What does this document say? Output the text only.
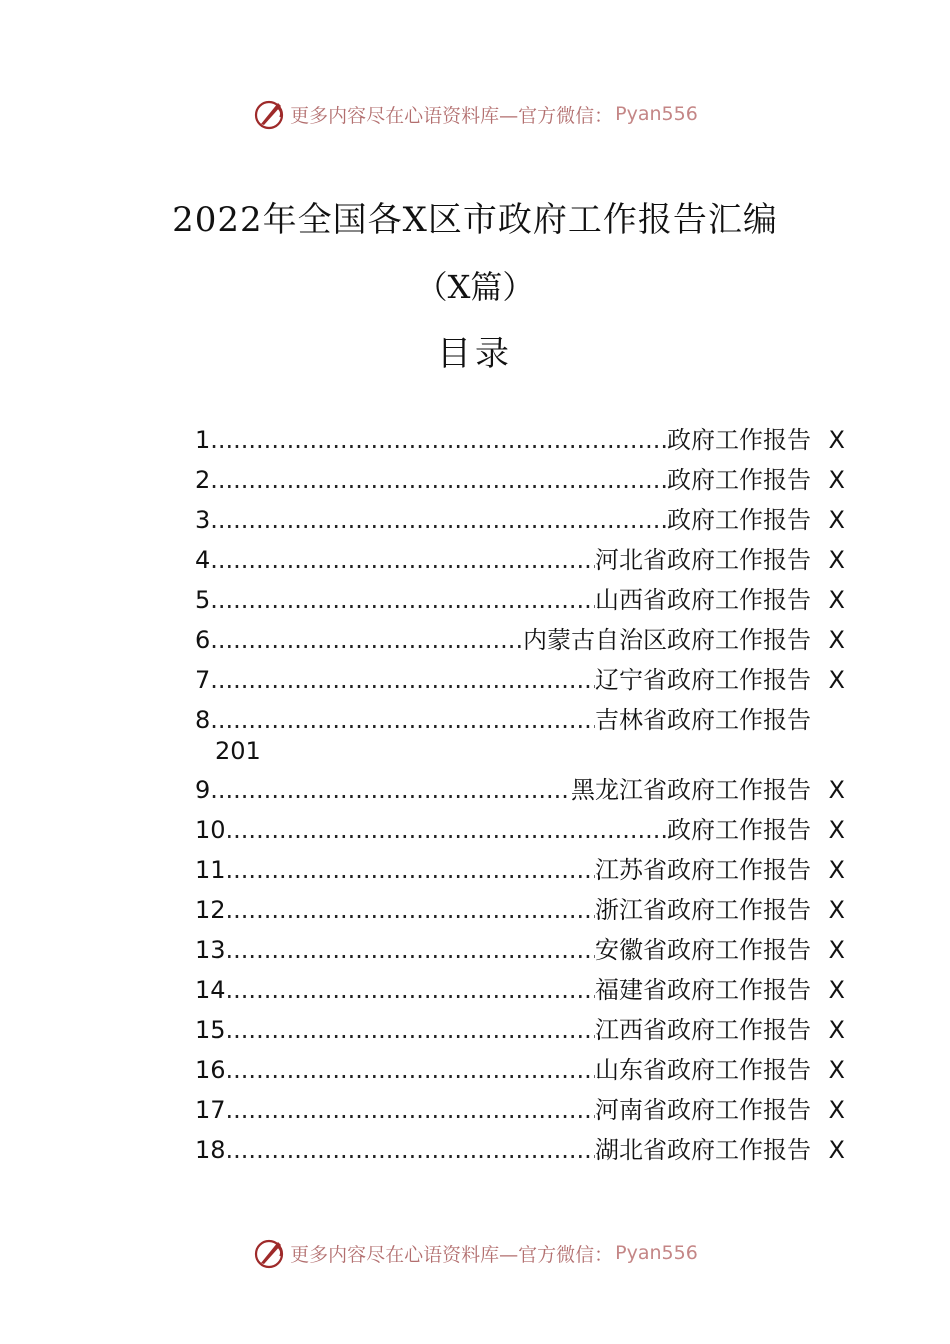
更多内容尽在心语资料库—官方微信： Pyan556
2022年全国各X区市政府工作报告汇编
（X篇）
目录
1 .....	政府工作报告 X
2 .....	政府工作报告 X
3 .....	政府工作报告 X
4 .....	河北省政府工作报告 X
5 .....	山西省政府工作报告 X
6 .....	内蒙古自治区政府工作报告 X
7 .....	辽宁省政府工作报告 X
8 .....	吉林省政府工作报告
201
9 .....	黑龙江省政府工作报告 X
10 .....	政府工作报告 X
11 .....	江苏省政府工作报告 X
12 .....	浙江省政府工作报告 X
13 .....	安徽省政府工作报告 X
14 .....	福建省政府工作报告 X
15 .....	江西省政府工作报告 X
16 .....	山东省政府工作报告 X
17 .....	河南省政府工作报告 X
18 .....	湖北省政府工作报告 X
更多内容尽在心语资料库—官方微信： Pyan556
